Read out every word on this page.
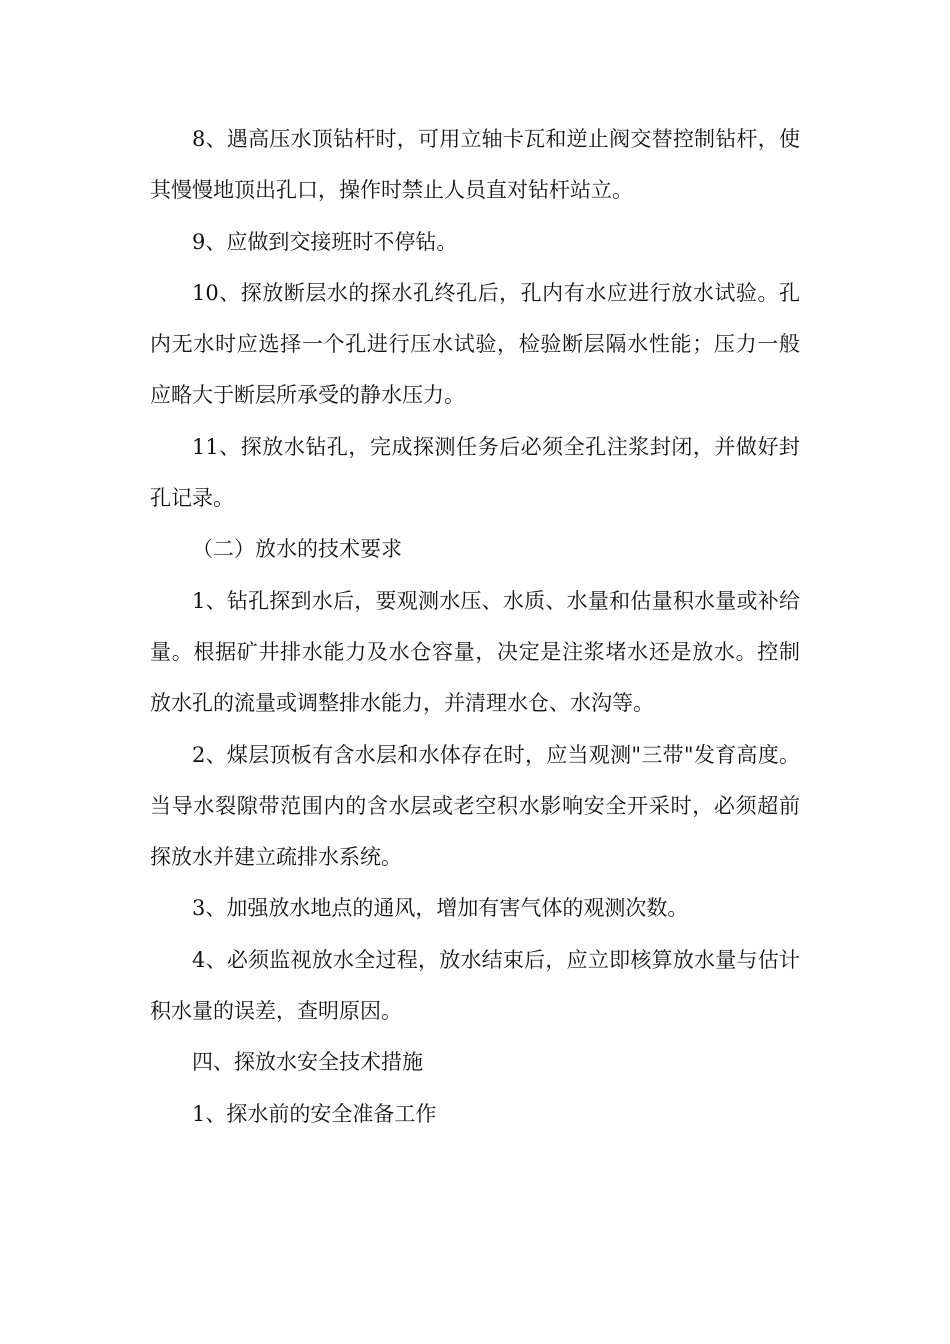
8、遇高压水顶钻杆时，可用立轴卡瓦和逆止阀交替控制钻杆，使其慢慢地顶出孔口，操作时禁止人员直对钻杆站立。

9、应做到交接班时不停钻。

10、探放断层水的探水孔终孔后，孔内有水应进行放水试验。孔内无水时应选择一个孔进行压水试验，检验断层隔水性能；压力一般应略大于断层所承受的静水压力。

11、探放水钻孔，完成探测任务后必须全孔注浆封闭，并做好封孔记录。

（二）放水的技术要求

1、钻孔探到水后，要观测水压、水质、水量和估量积水量或补给量。根据矿井排水能力及水仓容量，决定是注浆堵水还是放水。控制放水孔的流量或调整排水能力，并清理水仓、水沟等。

2、煤层顶板有含水层和水体存在时，应当观测"三带"发育高度。当导水裂隙带范围内的含水层或老空积水影响安全开采时，必须超前探放水并建立疏排水系统。

3、加强放水地点的通风，增加有害气体的观测次数。

4、必须监视放水全过程，放水结束后，应立即核算放水量与估计积水量的误差，查明原因。

四、探放水安全技术措施

1、探水前的安全准备工作
